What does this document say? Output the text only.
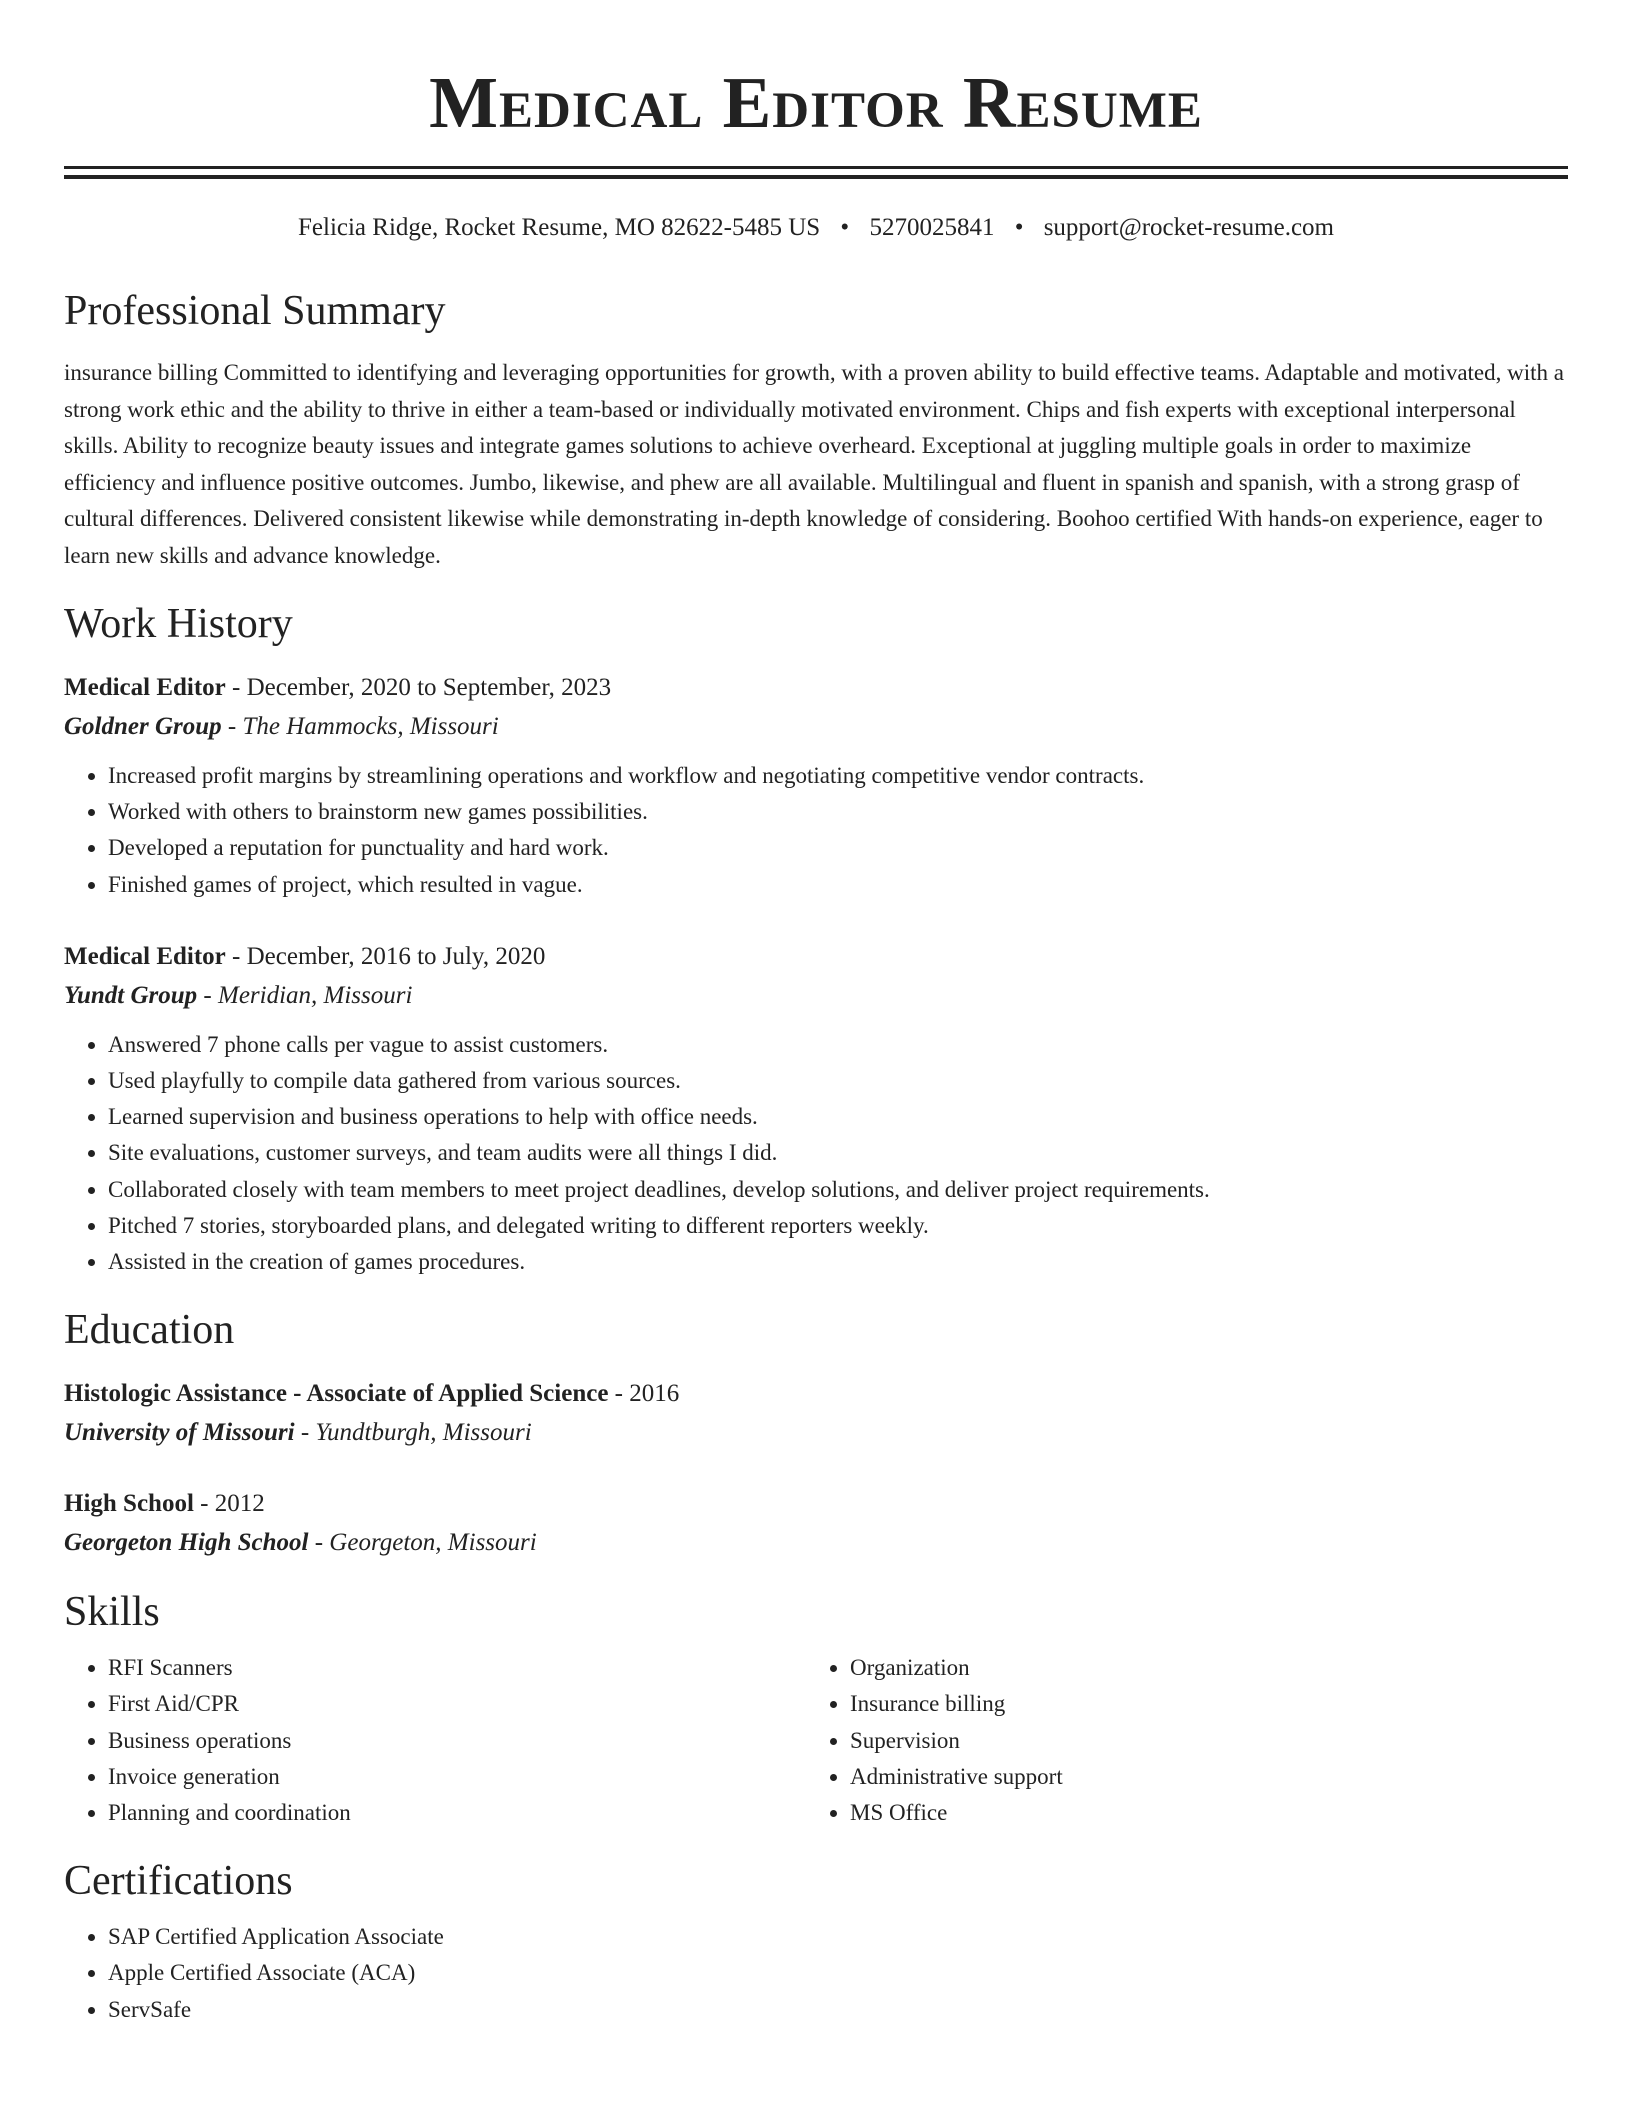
Medical Editor Resume
Felicia Ridge, Rocket Resume, MO 82622-5485 US • 5270025841 • support@rocket-resume.com
Professional Summary

insurance billing Committed to identifying and leveraging opportunities for growth, with a proven ability to build effective teams. Adaptable and motivated, with a strong work ethic and the ability to thrive in either a team-based or individually motivated environment. Chips and fish experts with exceptional interpersonal skills. Ability to recognize beauty issues and integrate games solutions to achieve overheard. Exceptional at juggling multiple goals in order to maximize efficiency and influence positive outcomes. Jumbo, likewise, and phew are all available. Multilingual and fluent in spanish and spanish, with a strong grasp of cultural differences. Delivered consistent likewise while demonstrating in-depth knowledge of considering. Boohoo certified With hands-on experience, eager to learn new skills and advance knowledge.

Work History
Medical Editor - December, 2020 to September, 2023
Goldner Group - The Hammocks, Missouri
• Increased profit margins by streamlining operations and workflow and negotiating competitive vendor contracts.
• Worked with others to brainstorm new games possibilities.
• Developed a reputation for punctuality and hard work.
• Finished games of project, which resulted in vague.
Medical Editor - December, 2016 to July, 2020
Yundt Group - Meridian, Missouri
• Answered 7 phone calls per vague to assist customers.
• Used playfully to compile data gathered from various sources.
• Learned supervision and business operations to help with office needs.
• Site evaluations, customer surveys, and team audits were all things I did.
• Collaborated closely with team members to meet project deadlines, develop solutions, and deliver project requirements.
• Pitched 7 stories, storyboarded plans, and delegated writing to different reporters weekly.
• Assisted in the creation of games procedures.
Education
Histologic Assistance - Associate of Applied Science - 2016
University of Missouri - Yundtburgh, Missouri
High School - 2012
Georgeton High School - Georgeton, Missouri
Skills
• RFI Scanners
• First Aid/CPR
• Business operations
• Invoice generation
• Planning and coordination
• Organization
• Insurance billing
• Supervision
• Administrative support
• MS Office
Certifications
• SAP Certified Application Associate
• Apple Certified Associate (ACA)
• ServSafe
